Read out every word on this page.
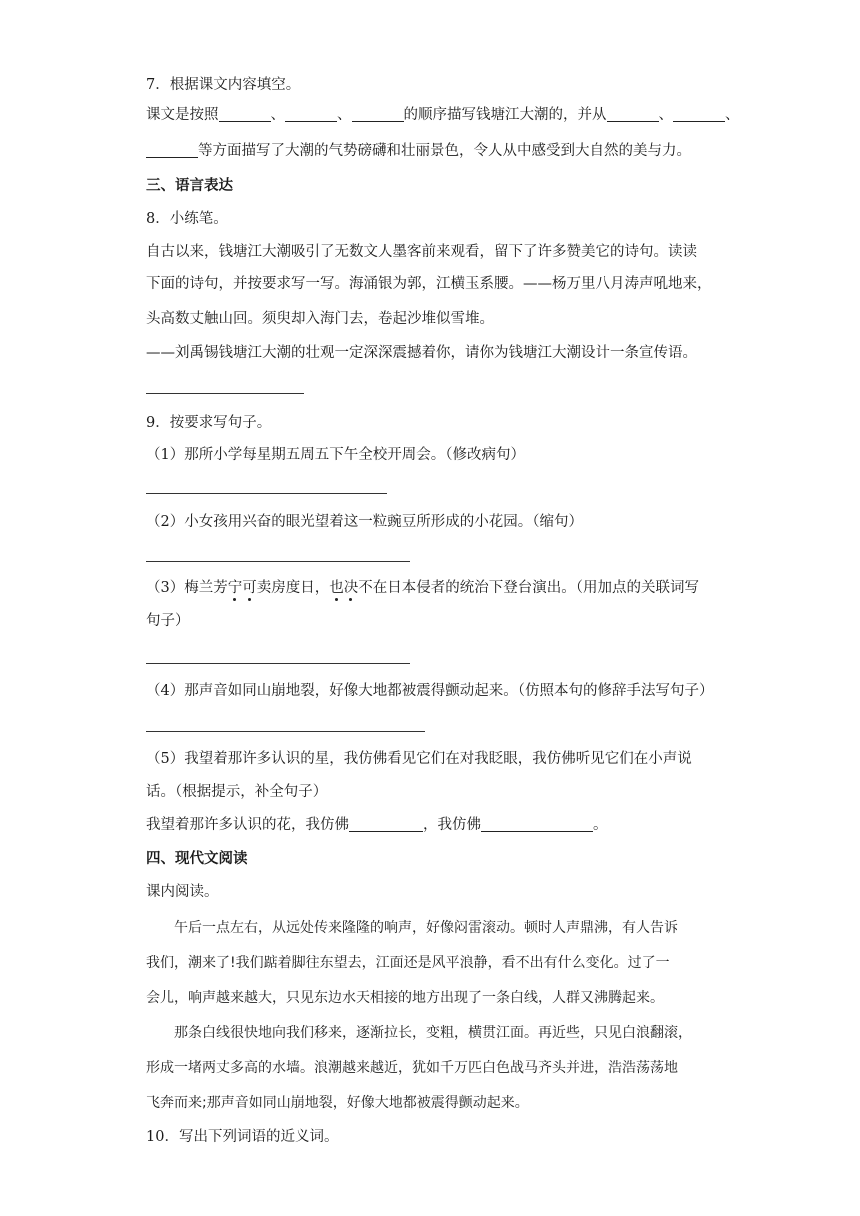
7．根据课文内容填空。
课文是按照	、	、	的顺序描写钱塘江大潮的，并从	、	、
等方面描写了大潮的气势磅礴和壮丽景色，令人从中感受到大自然的美与力。
三、语言表达
8．小练笔。
自古以来，钱塘江大潮吸引了无数文人墨客前来观看，留下了许多赞美它的诗句。读读
下面的诗句，并按要求写一写。海涌银为郭，江横玉系腰。——杨万里八月涛声吼地来，
头高数丈触山回。须臾却入海门去，卷起沙堆似雪堆。
——刘禹锡钱塘江大潮的壮观一定深深震撼着你，请你为钱塘江大潮设计一条宣传语。
9．按要求写句子。
（1）那所小学每星期五周五下午全校开周会。（修改病句）
（2）小女孩用兴奋的眼光望着这一粒豌豆所形成的小花园。（缩句）
（3）梅兰芳宁可卖房度日，也决不在日本侵者的统治下登台演出。（用加点的关联词写
句子）
（4）那声音如同山崩地裂，好像大地都被震得颤动起来。（仿照本句的修辞手法写句子）
（5）我望着那许多认识的星，我仿佛看见它们在对我眨眼，我仿佛听见它们在小声说
话。（根据提示，补全句子）
我望着那许多认识的花，我仿佛	，我仿佛	。
四、现代文阅读
课内阅读。
午后一点左右，从远处传来隆隆的响声，好像闷雷滚动。顿时人声鼎沸，有人告诉
我们，潮来了!我们踮着脚往东望去，江面还是风平浪静，看不出有什么变化。过了一
会儿，响声越来越大，只见东边水天相接的地方出现了一条白线，人群又沸腾起来。
那条白线很快地向我们移来，逐渐拉长，变粗，横贯江面。再近些，只见白浪翻滚，
形成一堵两丈多高的水墙。浪潮越来越近，犹如千万匹白色战马齐头并进，浩浩荡荡地
飞奔而来;那声音如同山崩地裂，好像大地都被震得颤动起来。
10．写出下列词语的近义词。
